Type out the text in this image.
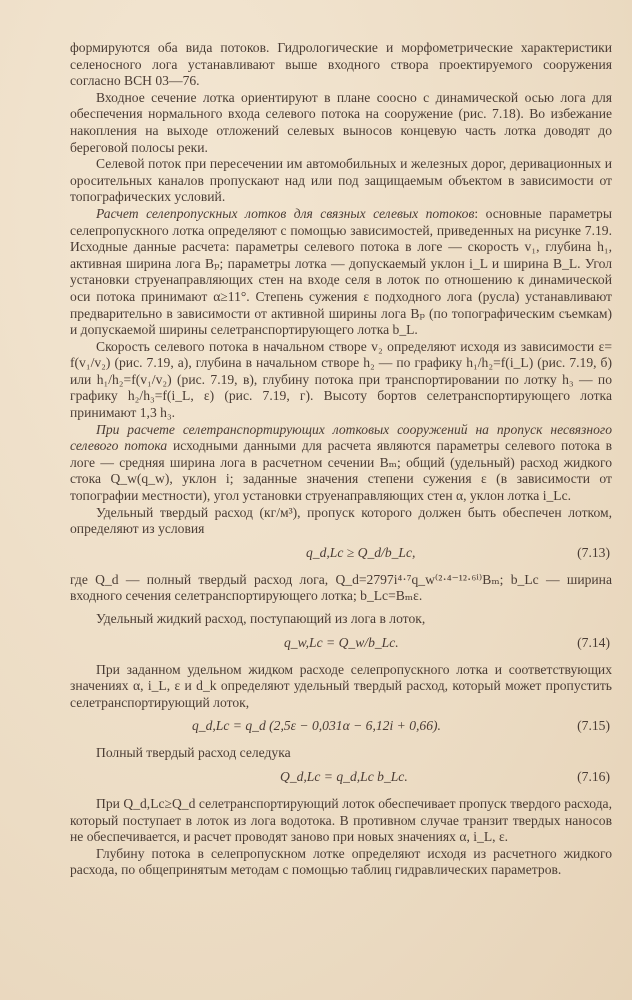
формируются оба вида потоков. Гидрологические и морфометрические характеристики селеносного лога устанавливают выше входного створа проектируемого сооружения согласно ВСН 03—76.

Входное сечение лотка ориентируют в плане соосно с динамической осью лога для обеспечения нормального входа селевого потока на сооружение (рис. 7.18). Во избежание накопления на выходе отложений селевых выносов концевую часть лотка доводят до береговой полосы реки.

Селевой поток при пересечении им автомобильных и железных дорог, деривационных и оросительных каналов пропускают над или под защищаемым объектом в зависимости от топографических условий.

Расчет селепропускных лотков для связных селевых потоков: основные параметры селепропускного лотка определяют с помощью зависимостей, приведенных на рисунке 7.19. Исходные данные расчета: параметры селевого потока в логе — скорость v₁, глубина h₁, активная ширина лога Bₚ; параметры лотка — допускаемый уклон i_L и ширина B_L. Угол установки струенаправляющих стен на входе селя в лоток по отношению к динамической оси потока принимают α≥11°. Степень сужения ε подходного лога (русла) устанавливают предварительно в зависимости от активной ширины лога Bₚ (по топографическим съемкам) и допускаемой ширины селетранспортирующего лотка b_L.

Скорость селевого потока в начальном створе v₂ определяют исходя из зависимости ε= f(v₁/v₂) (рис. 7.19, а), глубина в начальном створе h₂ — по графику h₁/h₂=f(i_L) (рис. 7.19, б) или h₁/h₂=f(v₁/v₂) (рис. 7.19, в), глубину потока при транспортировании по лотку h₃ — по графику h₂/h₃=f(i_L, ε) (рис. 7.19, г). Высоту бортов селетранспортирующего лотка принимают 1,3 h₃.

При расчете селетранспортирующих лотковых сооружений на пропуск несвязного селевого потока исходными данными для расчета являются параметры селевого потока в логе — средняя ширина лога в расчетном сечении Bₘ; общий (удельный) расход жидкого стока Q_w(q_w), уклон i; заданные значения степени сужения ε (в зависимости от топографии местности), угол установки струенаправляющих стен α, уклон лотка i_Lc.

Удельный твердый расход (кг/м³), пропуск которого должен быть обеспечен лотком, определяют из условия

q_d,Lc ≥ Q_d/b_Lc,	(7.13)

где Q_d — полный твердый расход лога, Q_d=2797i⁴·⁷q_w⁽²·⁴⁻¹²·⁶ⁱ⁾Bₘ; b_Lc — ширина входного сечения селетранспортирующего лотка; b_Lc=Bₘε.

Удельный жидкий расход, поступающий из лога в лоток,

q_w,Lc = Q_w/b_Lc.	(7.14)

При заданном удельном жидком расходе селепропускного лотка и соответствующих значениях α, i_L, ε и d_k определяют удельный твердый расход, который может пропустить селетранспортирующий лоток,

q_d,Lc = q_d (2,5ε − 0,031α − 6,12i + 0,66).	(7.15)

Полный твердый расход селедука

Q_d,Lc = q_d,Lc b_Lc.	(7.16)

При Q_d,Lc≥Q_d селетранспортирующий лоток обеспечивает пропуск твердого расхода, который поступает в лоток из лога водотока. В противном случае транзит твердых наносов не обеспечивается, и расчет проводят заново при новых значениях α, i_L, ε.

Глубину потока в селепропускном лотке определяют исходя из расчетного жидкого расхода, по общепринятым методам с помощью таблиц гидравлических параметров.
